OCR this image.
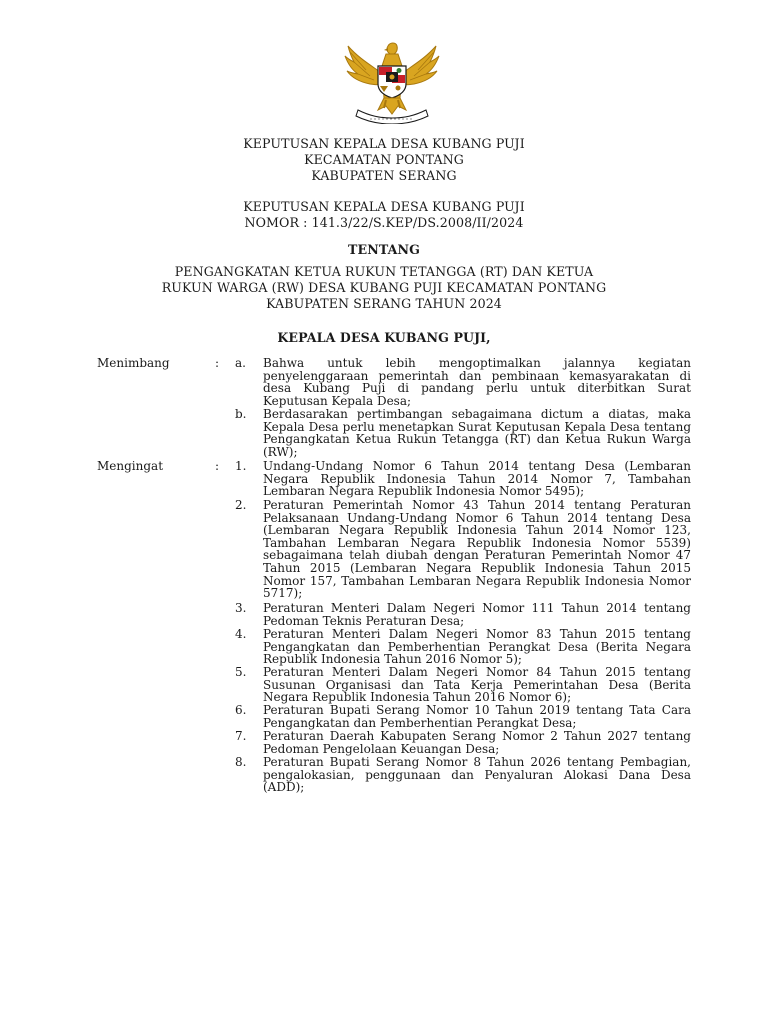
KEPUTUSAN KEPALA DESA KUBANG PUJI
KECAMATAN PONTANG
KABUPATEN SERANG
KEPUTUSAN KEPALA DESA KUBANG PUJI
NOMOR : 141.3/22/S.KEP/DS.2008/II/2024
TENTANG
PENGANGKATAN KETUA RUKUN TETANGGA (RT) DAN KETUA
RUKUN WARGA (RW) DESA KUBANG PUJI KECAMATAN PONTANG
KABUPATEN SERANG TAHUN 2024
KEPALA DESA KUBANG PUJI,
Menimbang	: a.	Bahwa untuk lebih mengoptimalkan jalannya kegiatan penyelenggaraan pemerintah dan pembinaan kemasyarakatan di desa Kubang Puji di pandang perlu untuk diterbitkan Surat Keputusan Kepala Desa;
b.	Berdasarakan pertimbangan sebagaimana dictum a diatas, maka Kepala Desa perlu menetapkan Surat Keputusan Kepala Desa tentang Pengangkatan Ketua Rukun Tetangga (RT) dan Ketua Rukun Warga (RW);
Mengingat	: 1.	Undang-Undang Nomor 6 Tahun 2014 tentang Desa (Lembaran Negara Republik Indonesia Tahun 2014 Nomor 7, Tambahan Lembaran Negara Republik Indonesia Nomor 5495);
2.	Peraturan Pemerintah Nomor 43 Tahun 2014 tentang Peraturan Pelaksanaan Undang-Undang Nomor 6 Tahun 2014 tentang Desa (Lembaran Negara Republik Indonesia Tahun 2014 Nomor 123, Tambahan Lembaran Negara Republik Indonesia Nomor 5539) sebagaimana telah diubah dengan Peraturan Pemerintah Nomor 47 Tahun 2015 (Lembaran Negara Republik Indonesia Tahun 2015 Nomor 157, Tambahan Lembaran Negara Republik Indonesia Nomor 5717);
3.	Peraturan Menteri Dalam Negeri Nomor 111 Tahun 2014 tentang Pedoman Teknis Peraturan Desa;
4.	Peraturan Menteri Dalam Negeri Nomor 83 Tahun 2015 tentang Pengangkatan dan Pemberhentian Perangkat Desa (Berita Negara Republik Indonesia Tahun 2016 Nomor 5);
5.	Peraturan Menteri Dalam Negeri Nomor 84 Tahun 2015 tentang Susunan Organisasi dan Tata Kerja Pemerintahan Desa (Berita Negara Republik Indonesia Tahun 2016 Nomor 6);
6.	Peraturan Bupati Serang Nomor 10 Tahun 2019 tentang Tata Cara Pengangkatan dan Pemberhentian Perangkat Desa;
7.	Peraturan Daerah Kabupaten Serang Nomor 2 Tahun 2027 tentang Pedoman Pengelolaan Keuangan Desa;
8.	Peraturan Bupati Serang Nomor 8 Tahun 2026 tentang Pembagian, pengalokasian, penggunaan dan Penyaluran Alokasi Dana Desa (ADD);
